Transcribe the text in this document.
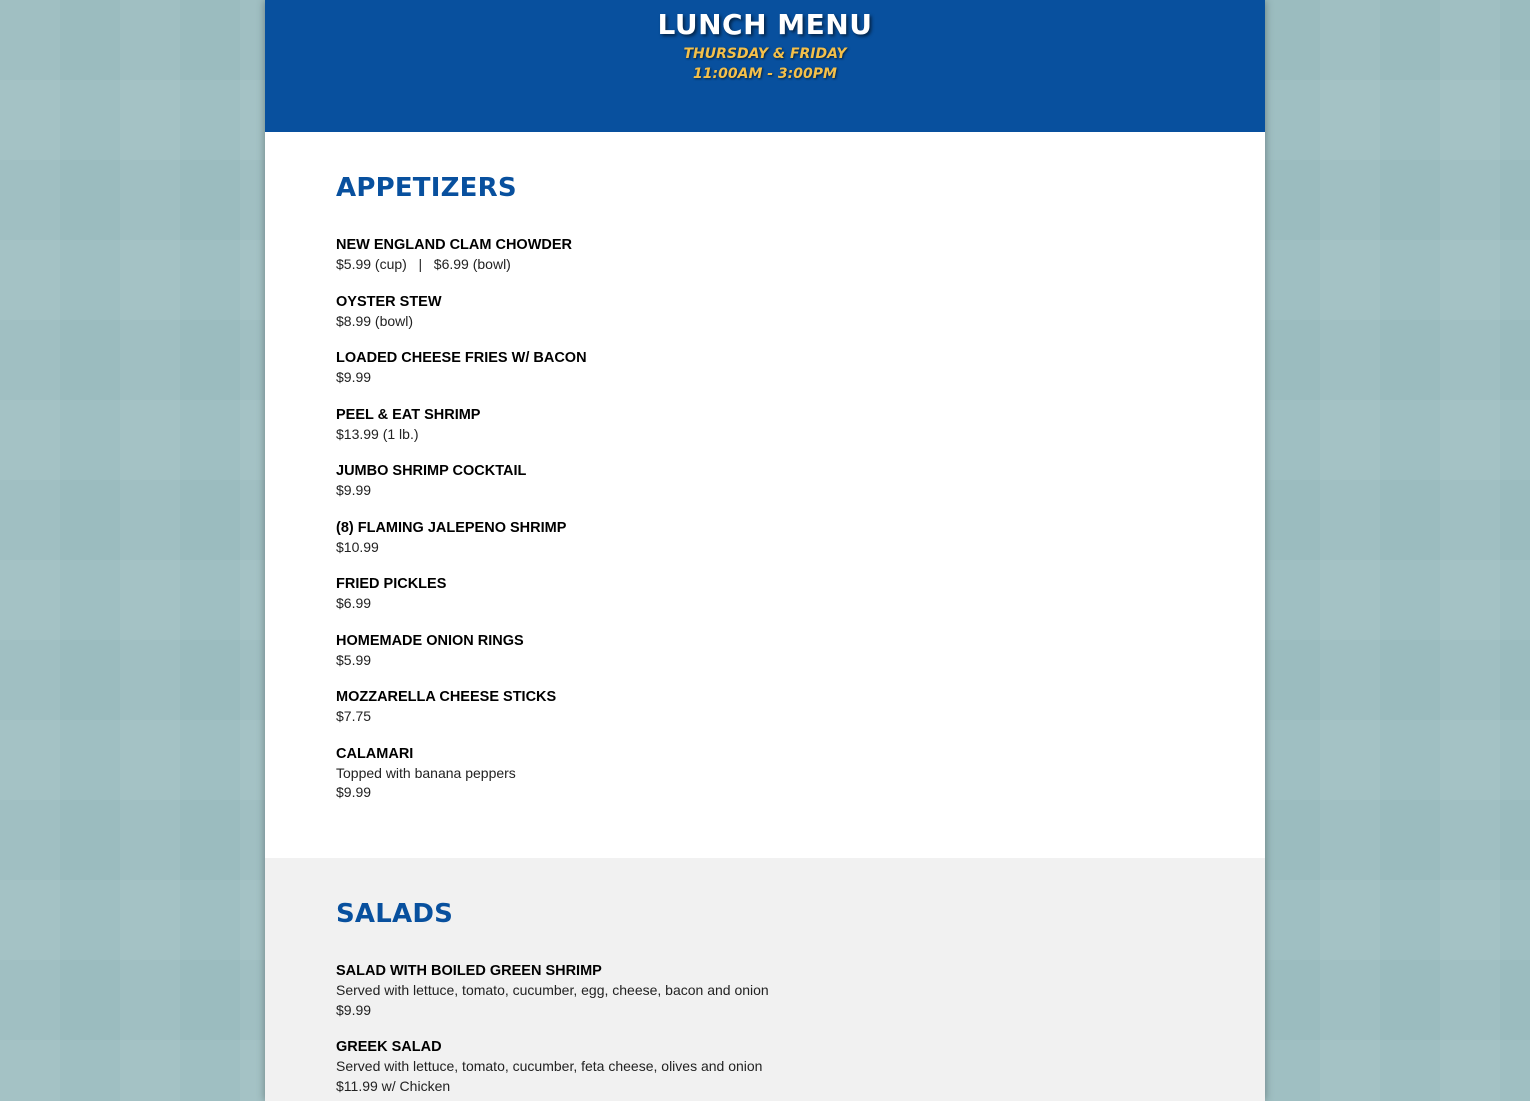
LUNCH MENU
THURSDAY & FRIDAY
11:00AM - 3:00PM
APPETIZERS
NEW ENGLAND CLAM CHOWDER
$5.99 (cup)   |   $6.99 (bowl)
OYSTER STEW
$8.99 (bowl)
LOADED CHEESE FRIES W/ BACON
$9.99
PEEL & EAT SHRIMP
$13.99 (1 lb.)
JUMBO SHRIMP COCKTAIL
$9.99
(8) FLAMING JALEPENO SHRIMP
$10.99
FRIED PICKLES
$6.99
HOMEMADE ONION RINGS
$5.99
MOZZARELLA CHEESE STICKS
$7.75
CALAMARI
Topped with banana peppers
$9.99
SALADS
SALAD WITH BOILED GREEN SHRIMP
Served with lettuce, tomato, cucumber, egg, cheese, bacon and onion
$9.99
GREEK SALAD
Served with lettuce, tomato, cucumber, feta cheese, olives and onion
$11.99 w/ Chicken
